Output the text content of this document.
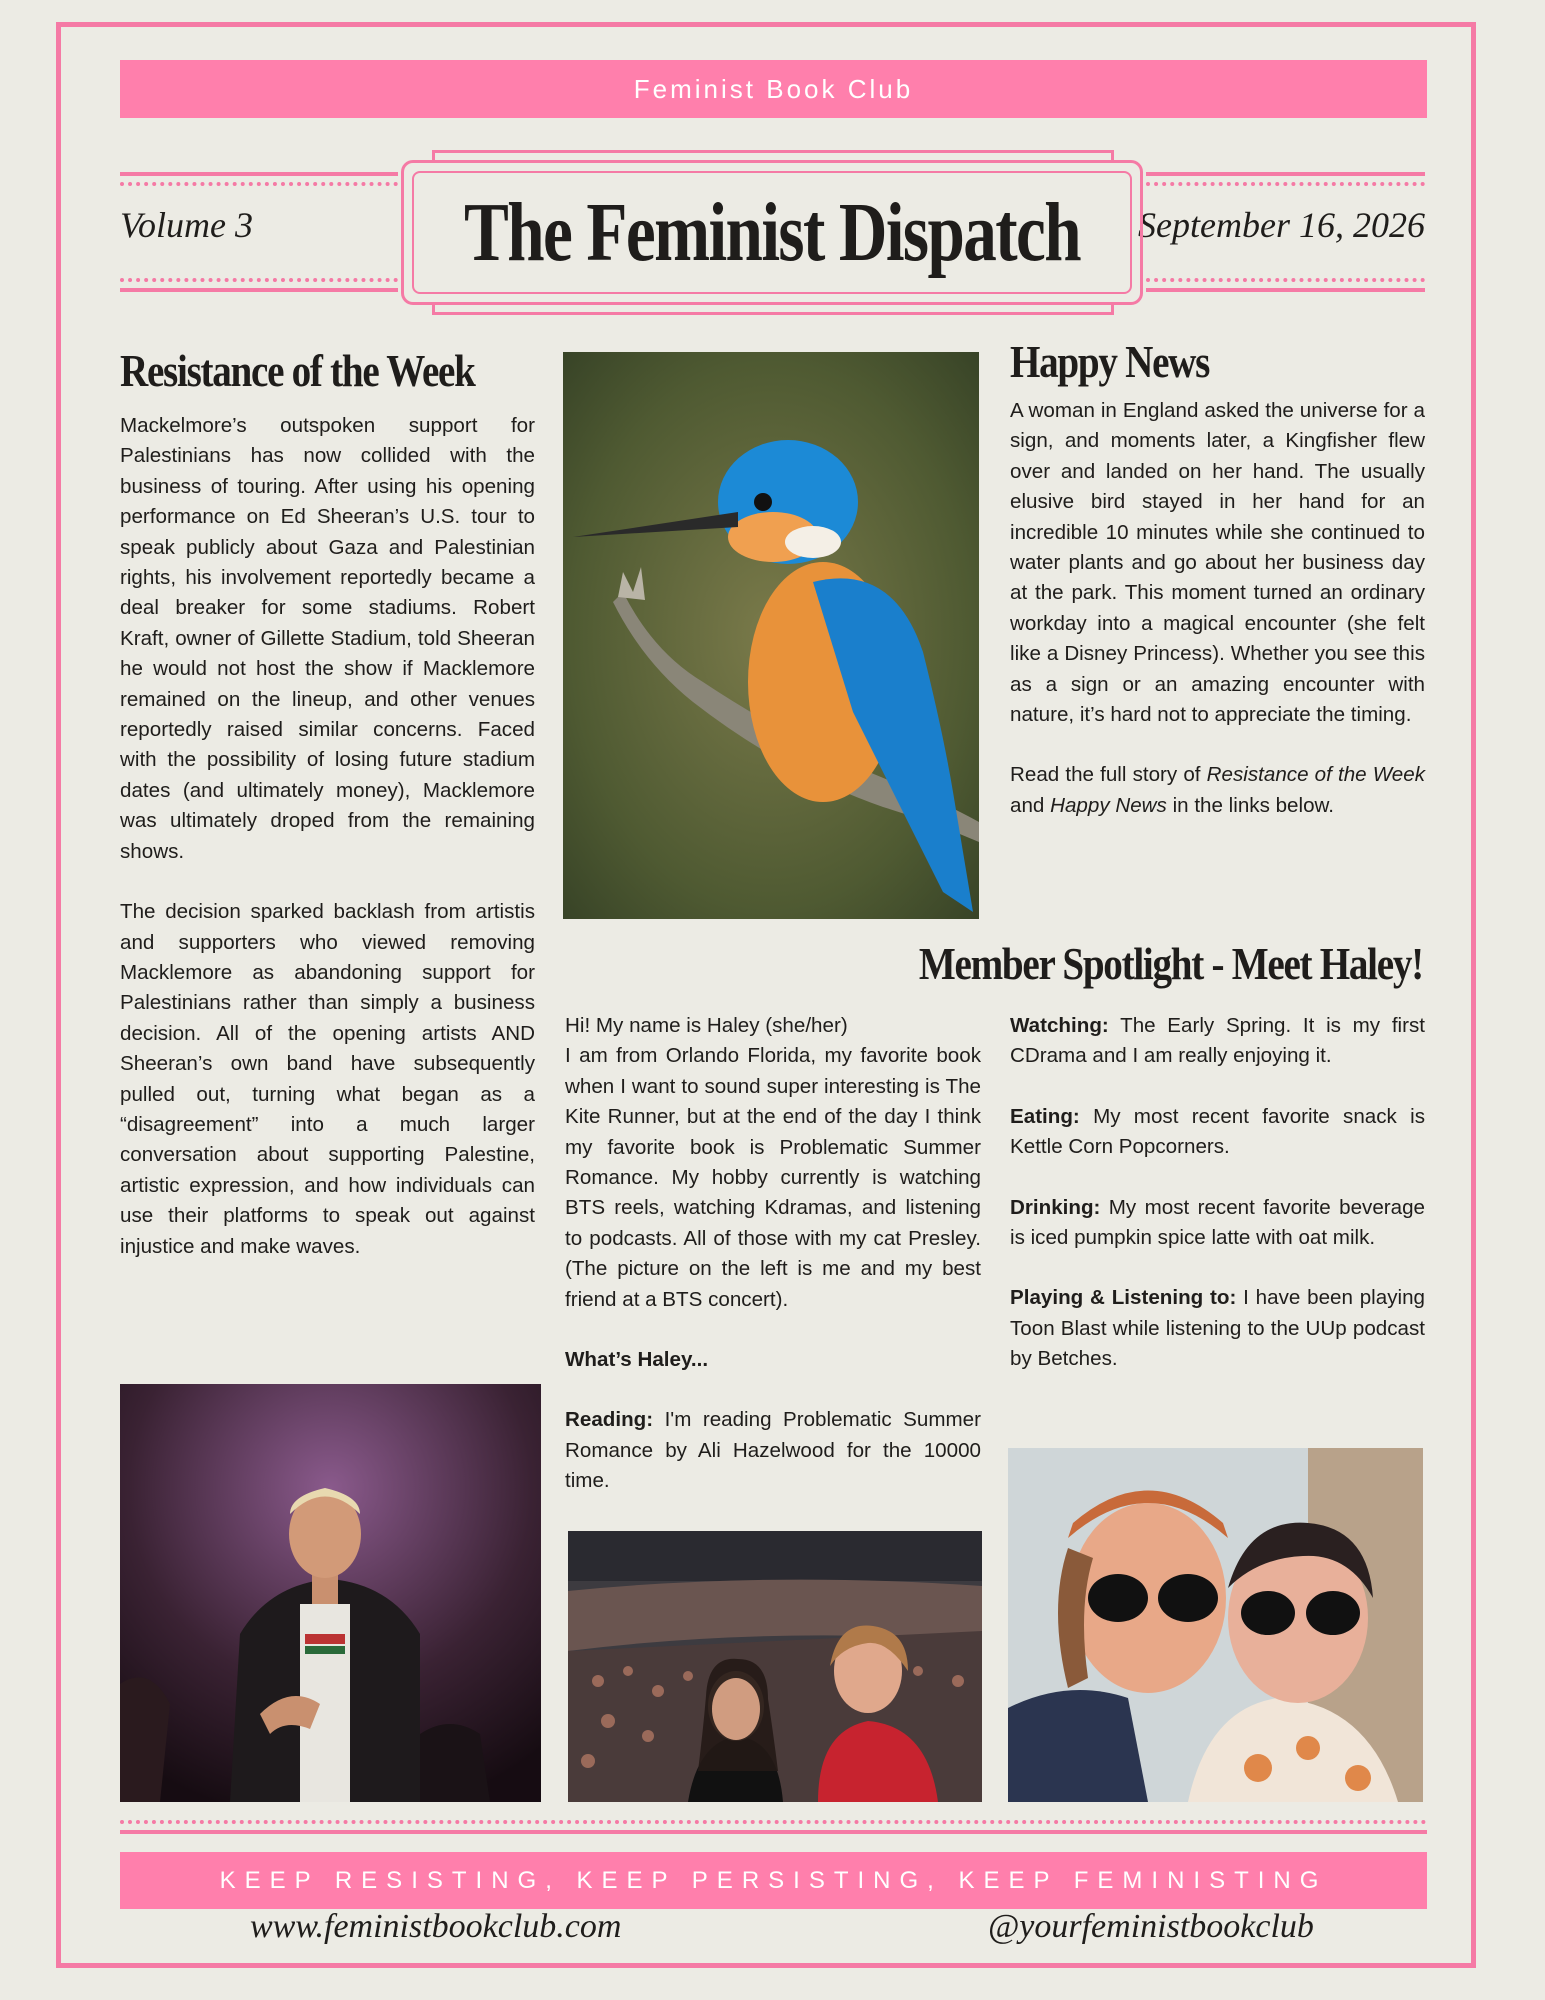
Feminist Book Club
Volume 3	September 16, 2026
The Feminist Dispatch
Resistance of the Week

Mackelmore’s outspoken support for Palestinians has now collided with the business of touring. After using his opening performance on Ed Sheeran’s U.S. tour to speak publicly about Gaza and Palestinian rights, his involvement reportedly became a deal breaker for some stadiums. Robert Kraft, owner of Gillette Stadium, told Sheeran he would not host the show if Macklemore remained on the lineup, and other venues reportedly raised similar concerns. Faced with the possibility of losing future stadium dates (and ultimately money), Macklemore was ultimately droped from the remaining shows.

The decision sparked backlash from artistis and supporters who viewed removing Macklemore as abandoning support for Palestinians rather than simply a business decision. All of the opening artists AND Sheeran’s own band have subsequently pulled out, turning what began as a “disagreement” into a much larger conversation about supporting Palestine, artistic expression, and how individuals can use their platforms to speak out against injustice and make waves.

Happy News

A woman in England asked the universe for a sign, and moments later, a Kingfisher flew over and landed on her hand. The usually elusive bird stayed in her hand for an incredible 10 minutes while she continued to water plants and go about her business day at the park. This moment turned an ordinary workday into a magical encounter (she felt like a Disney Princess). Whether you see this as a sign or an amazing encounter with nature, it’s hard not to appreciate the timing.

Read the full story of Resistance of the Week and Happy News in the links below.

Member Spotlight - Meet Haley!

Hi! My name is Haley (she/her)

I am from Orlando Florida, my favorite book when I want to sound super interesting is The Kite Runner, but at the end of the day I think my favorite book is Problematic Summer Romance. My hobby currently is watching BTS reels, watching Kdramas, and listening to podcasts. All of those with my cat Presley. (The picture on the left is me and my best friend at a BTS concert).

What’s Haley...

Reading: I'm reading Problematic Summer Romance by Ali Hazelwood for the 10000 time.

Watching: The Early Spring. It is my first CDrama and I am really enjoying it.

Eating: My most recent favorite snack is Kettle Corn Popcorners.

Drinking: My most recent favorite beverage is iced pumpkin spice latte with oat milk.

Playing & Listening to: I have been playing Toon Blast while listening to the UUp podcast by Betches.

KEEP RESISTING, KEEP PERSISTING, KEEP FEMINISTING
www.feministbookclub.com	@yourfeministbookclub
